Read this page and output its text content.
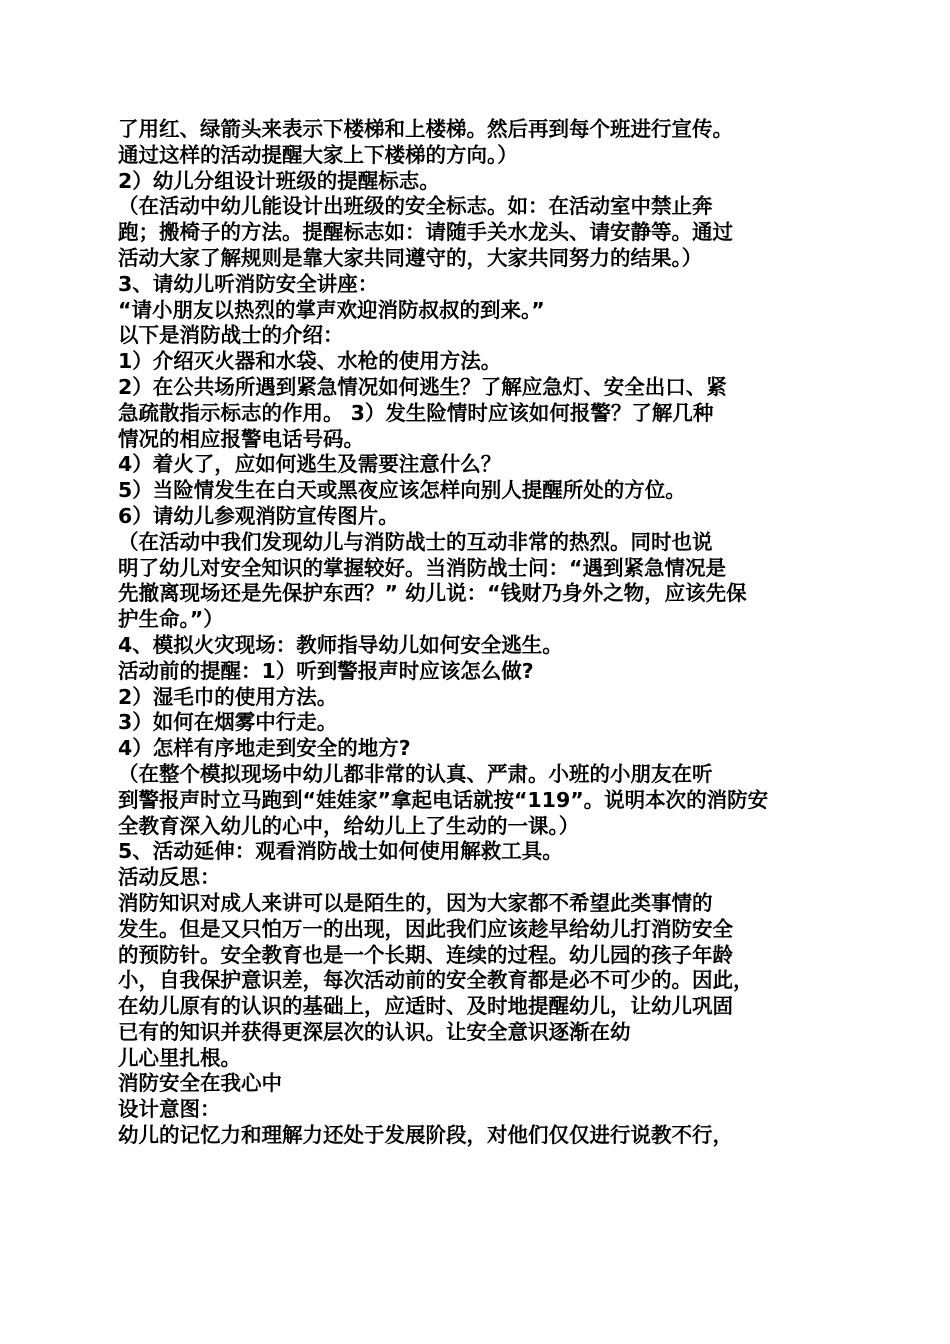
了用红、绿箭头来表示下楼梯和上楼梯。然后再到每个班进行宣传。
通过这样的活动提醒大家上下楼梯的方向。）
2）幼儿分组设计班级的提醒标志。
（在活动中幼儿能设计出班级的安全标志。如：在活动室中禁止奔
跑；搬椅子的方法。提醒标志如：请随手关水龙头、请安静等。通过
活动大家了解规则是靠大家共同遵守的，大家共同努力的结果。）
3、请幼儿听消防安全讲座：
“请小朋友以热烈的掌声欢迎消防叔叔的到来。”
以下是消防战士的介绍：
1）介绍灭火器和水袋、水枪的使用方法。
2）在公共场所遇到紧急情况如何逃生？了解应急灯、安全出口、紧
急疏散指示标志的作用。 3）发生险情时应该如何报警？了解几种
情况的相应报警电话号码。
4）着火了，应如何逃生及需要注意什么？
5）当险情发生在白天或黑夜应该怎样向别人提醒所处的方位。
6）请幼儿参观消防宣传图片。
（在活动中我们发现幼儿与消防战士的互动非常的热烈。同时也说
明了幼儿对安全知识的掌握较好。当消防战士问：“遇到紧急情况是
先撤离现场还是先保护东西？” 幼儿说：“钱财乃身外之物，应该先保
护生命。”）
4、模拟火灾现场：教师指导幼儿如何安全逃生。
活动前的提醒：1）听到警报声时应该怎么做?
2）湿毛巾的使用方法。
3）如何在烟雾中行走。
4）怎样有序地走到安全的地方?
（在整个模拟现场中幼儿都非常的认真、严肃。小班的小朋友在听
到警报声时立马跑到“娃娃家”拿起电话就按“119”。说明本次的消防安
全教育深入幼儿的心中，给幼儿上了生动的一课。）
5、活动延伸：观看消防战士如何使用解救工具。
活动反思：
消防知识对成人来讲可以是陌生的，因为大家都不希望此类事情的
发生。但是又只怕万一的出现，因此我们应该趁早给幼儿打消防安全
的预防针。安全教育也是一个长期、连续的过程。幼儿园的孩子年龄
小，自我保护意识差，每次活动前的安全教育都是必不可少的。因此，
在幼儿原有的认识的基础上，应适时、及时地提醒幼儿，让幼儿巩固
已有的知识并获得更深层次的认识。让安全意识逐渐在幼
儿心里扎根。
消防安全在我心中
设计意图：
幼儿的记忆力和理解力还处于发展阶段，对他们仅仅进行说教不行，
